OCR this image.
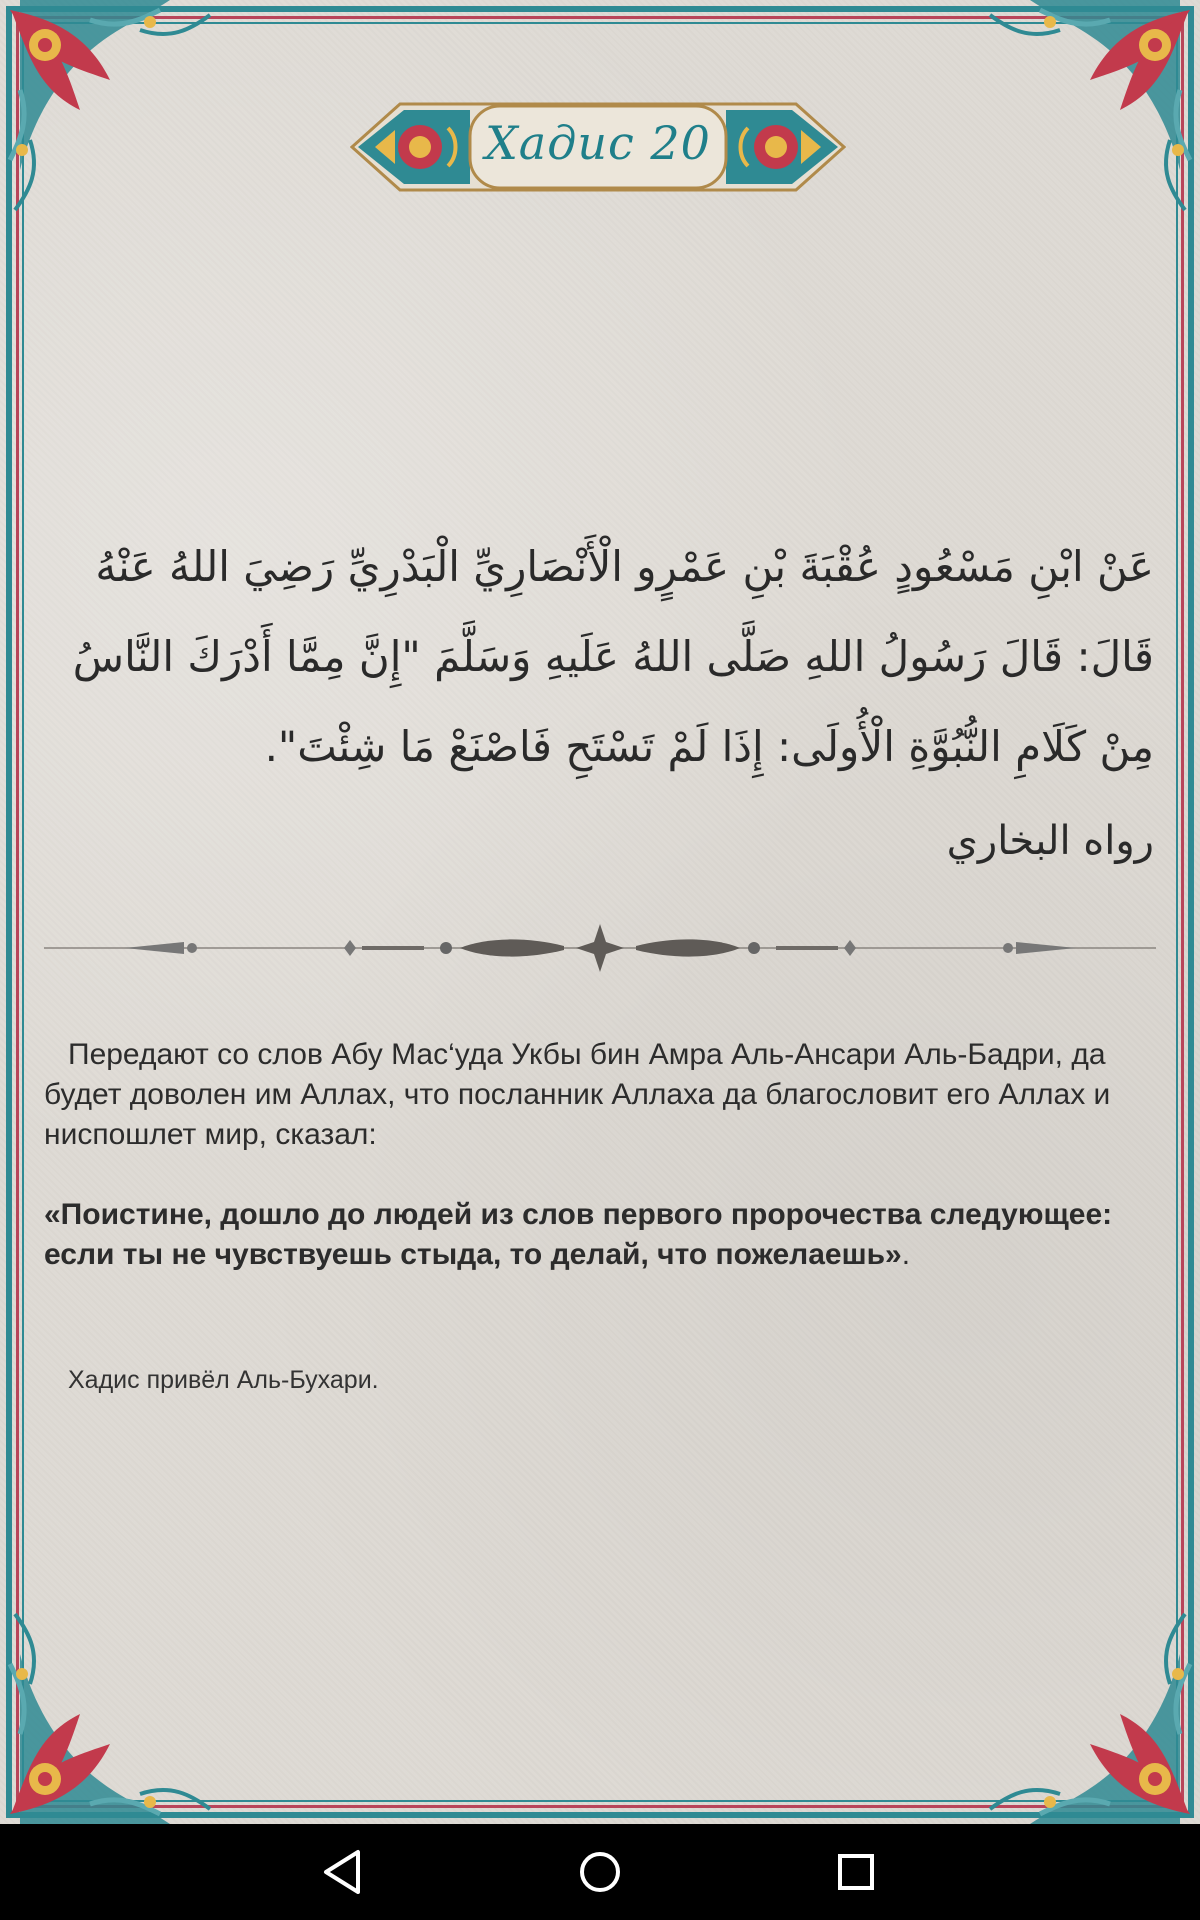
Хадис 20
عَنْ ابْنِ مَسْعُودٍ عُقْبَةَ بْنِ عَمْرٍو الْأَنْصَارِيِّ الْبَدْرِيِّ رَضِيَ اللهُ عَنْهُ قَالَ: قَالَ رَسُولُ اللهِ صَلَّى اللهُ عَلَيهِ وَسَلَّمَ "إِنَّ مِمَّا أَدْرَكَ النَّاسُ مِنْ كَلَامِ النُّبُوَّةِ الْأُولَى: إِذَا لَمْ تَسْتَحِ فَاصْنَعْ مَا شِئْتَ".
رواه البخاري
Передают со слов Абу Мас‘уда Укбы бин Амра Аль-Ансари Аль-Бадри, да будет доволен им Аллах, что посланник Аллаха да благословит его Аллах и ниспошлет мир, сказал:
«Поистине, дошло до людей из слов первого пророчества следующее: если ты не чувствуешь стыда, то делай, что пожелаешь».
Хадис привёл Аль-Бухари.
